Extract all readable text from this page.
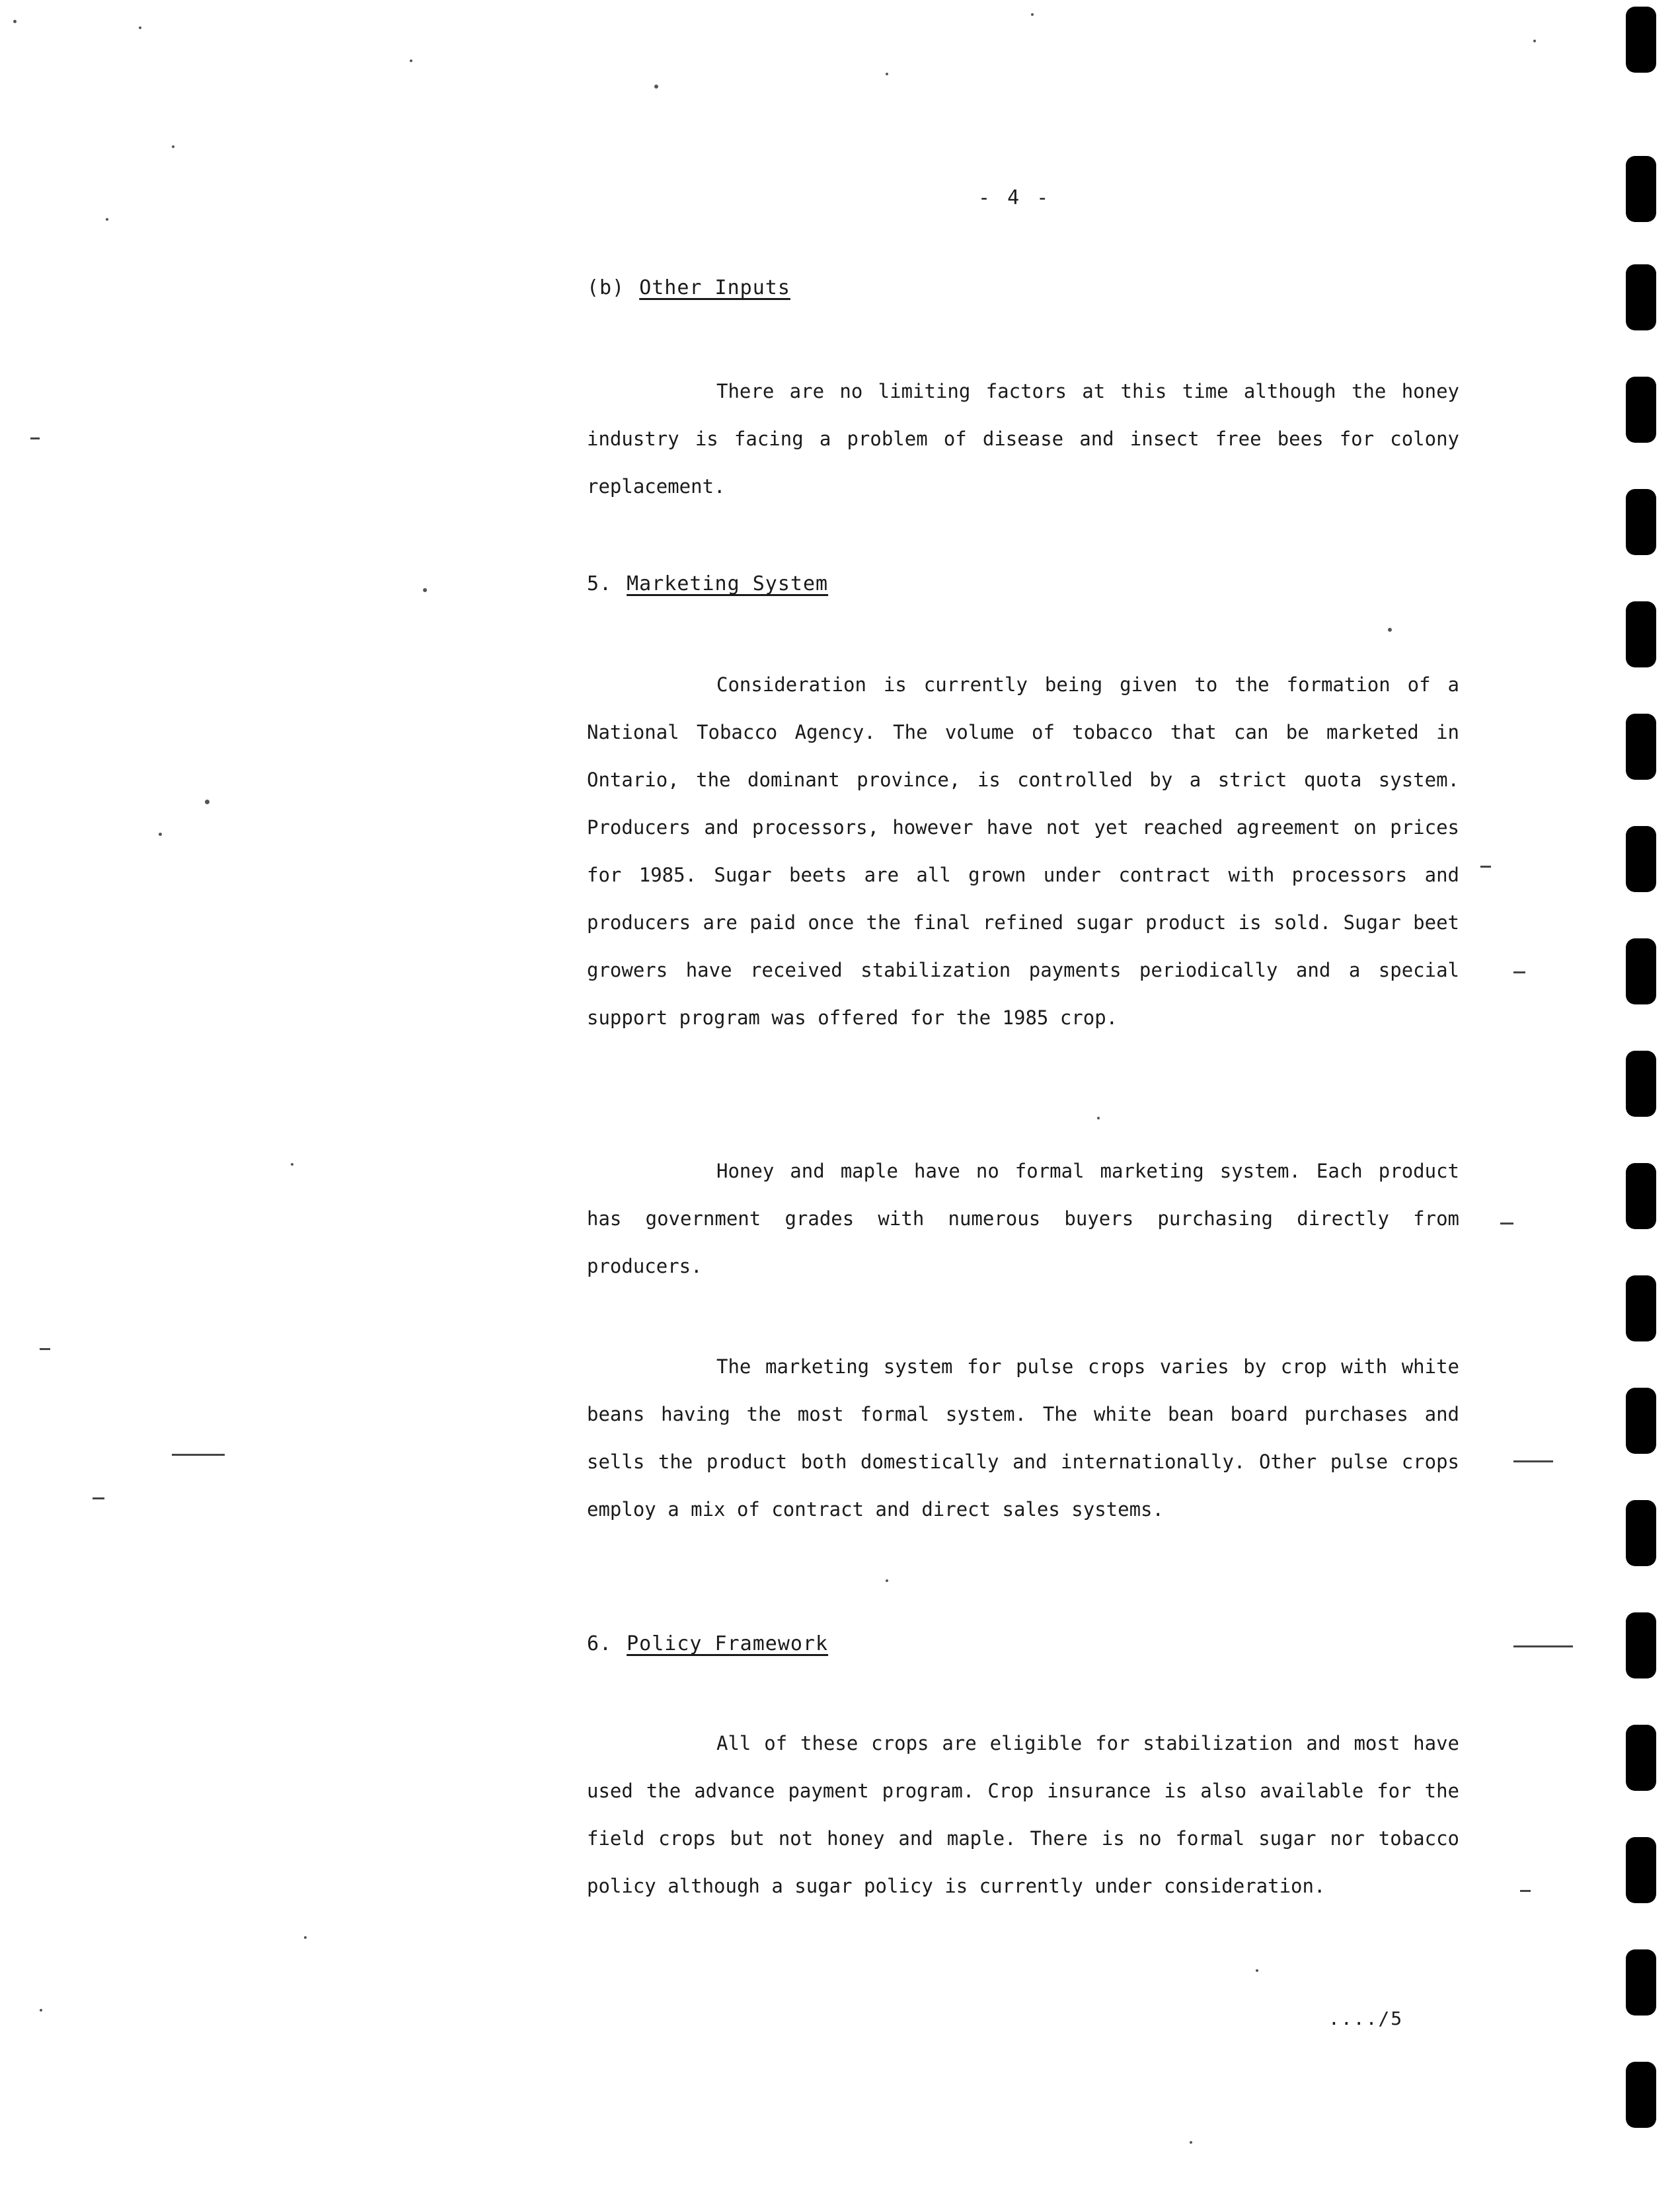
- 4 -
(b) Other Inputs

There are no limiting factors at this time although the honey industry is facing a problem of disease and insect free bees for colony replacement.

5. Marketing System

Consideration is currently being given to the formation of a National Tobacco Agency. The volume of tobacco that can be marketed in Ontario, the dominant province, is controlled by a strict quota system. Producers and processors, however have not yet reached agreement on prices for 1985. Sugar beets are all grown under contract with processors and producers are paid once the final refined sugar product is sold. Sugar beet growers have received stabilization payments periodically and a special support program was offered for the 1985 crop.

Honey and maple have no formal marketing system. Each product has government grades with numerous buyers purchasing directly from producers.

The marketing system for pulse crops varies by crop with white beans having the most formal system. The white bean board purchases and sells the product both domestically and internationally. Other pulse crops employ a mix of contract and direct sales systems.

6. Policy Framework

All of these crops are eligible for stabilization and most have used the advance payment program. Crop insurance is also available for the field crops but not honey and maple. There is no formal sugar nor tobacco policy although a sugar policy is currently under consideration.

..../5
